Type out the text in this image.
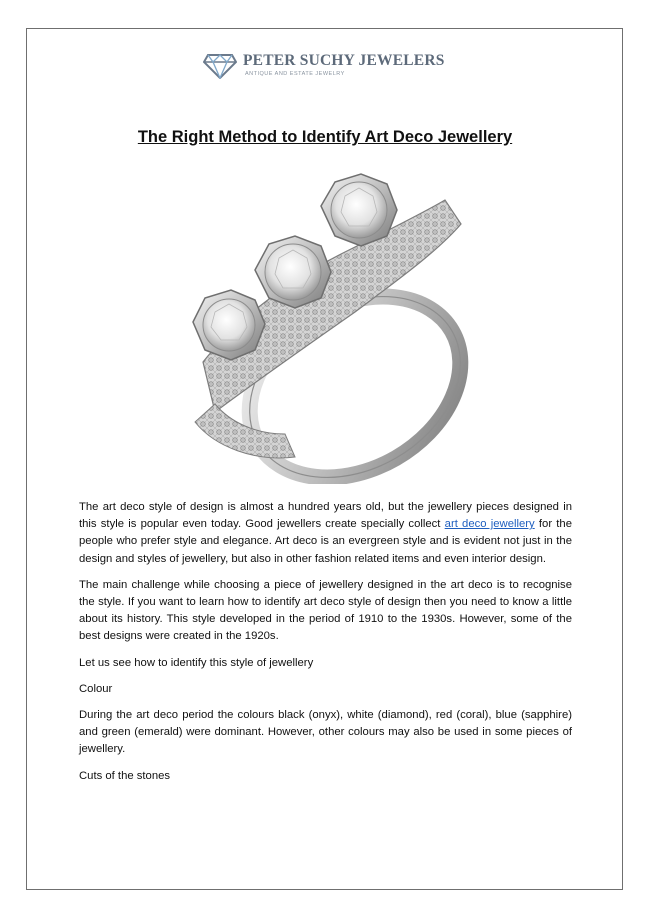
PETER SUCHY JEWELERS
ANTIQUE AND ESTATE JEWELRY
The Right Method to Identify Art Deco Jewellery

The art deco style of design is almost a hundred years old, but the jewellery pieces designed in this style is popular even today. Good jewellers create specially collect art deco jewellery for the people who prefer style and elegance. Art deco is an evergreen style and is evident not just in the design and styles of jewellery, but also in other fashion related items and even interior design.

The main challenge while choosing a piece of jewellery designed in the art deco is to recognise the style. If you want to learn how to identify art deco style of design then you need to know a little about its history. This style developed in the period of 1910 to the 1930s. However, some of the best designs were created in the 1920s.

Let us see how to identify this style of jewellery

Colour

During the art deco period the colours black (onyx), white (diamond), red (coral), blue (sapphire) and green (emerald) were dominant. However, other colours may also be used in some pieces of jewellery.

Cuts of the stones
